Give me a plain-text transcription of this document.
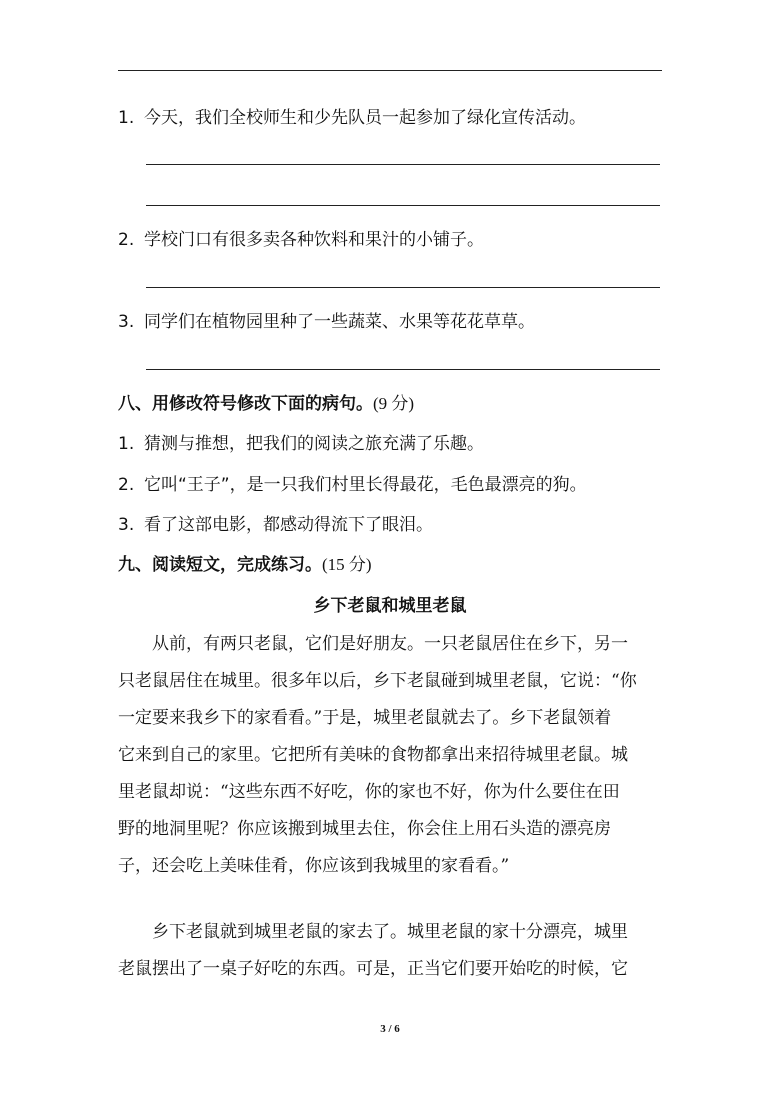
1. 今天，我们全校师生和少先队员一起参加了绿化宣传活动。
2. 学校门口有很多卖各种饮料和果汁的小铺子。
3. 同学们在植物园里种了一些蔬菜、水果等花花草草。
八、用修改符号修改下面的病句。(9 分)
1. 猜测与推想，把我们的阅读之旅充满了乐趣。
2. 它叫“王子”，是一只我们村里长得最花，毛色最漂亮的狗。
3. 看了这部电影，都感动得流下了眼泪。
九、阅读短文，完成练习。(15 分)
乡下老鼠和城里老鼠
从前，有两只老鼠，它们是好朋友。一只老鼠居住在乡下，另一
只老鼠居住在城里。很多年以后，乡下老鼠碰到城里老鼠，它说：“你
一定要来我乡下的家看看。”于是，城里老鼠就去了。乡下老鼠领着
它来到自己的家里。它把所有美味的食物都拿出来招待城里老鼠。城
里老鼠却说：“这些东西不好吃，你的家也不好，你为什么要住在田
野的地洞里呢？你应该搬到城里去住，你会住上用石头造的漂亮房
子，还会吃上美味佳肴，你应该到我城里的家看看。”
乡下老鼠就到城里老鼠的家去了。城里老鼠的家十分漂亮，城里
老鼠摆出了一桌子好吃的东西。可是，正当它们要开始吃的时候，它
3 / 6
